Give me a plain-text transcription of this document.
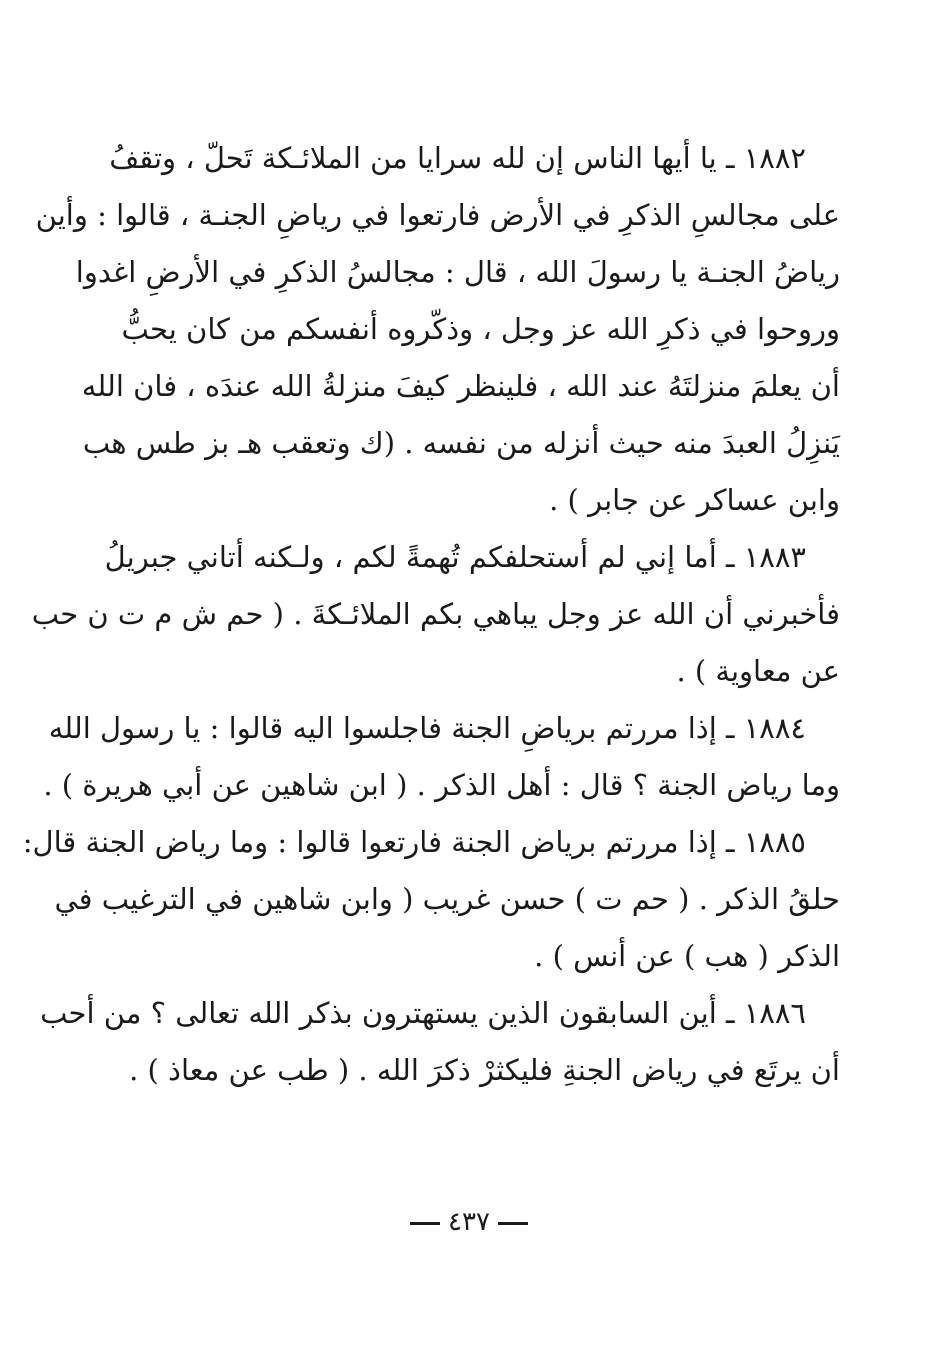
١٨٨٢ ـ يا أيها الناس إن لله سرايا من الملائـكة تَحلّ ، وتقفُ
على مجالسِ الذكرِ في الأرض فارتعوا في رياضِ الجنـة ، قالوا : وأين
رياضُ الجنـة يا رسولَ الله ، قال : مجالسُ الذكرِ في الأرضِ اغدوا
وروحوا في ذكرِ الله عز وجل ، وذكّروه أنفسكم من كان يحبُّ
أن يعلمَ منزلتَهُ عند الله ، فلينظر كيفَ منزلةُ الله عندَه ، فان الله
يَنزِلُ العبدَ منه حيث أنزله من نفسه . (ك وتعقب هـ بز طس هب
وابن عساكر عن جابر ) .
١٨٨٣ ـ أما إني لم أستحلفكم تُهمةً لكم ، ولـكنه أتاني جبريلُ
فأخبرني أن الله عز وجل يباهي بكم الملائـكةَ . ( حم ش م ت ن حب
عن معاوية ) .
١٨٨٤ ـ إذا مررتم برياضِ الجنة فاجلسوا اليه قالوا : يا رسول الله
وما رياض الجنة ؟ قال : أهل الذكر . ( ابن شاهين عن أبي هريرة ) .
١٨٨٥ ـ إذا مررتم برياض الجنة فارتعوا قالوا : وما رياض الجنة قال:
حلقُ الذكر . ( حم ت ) حسن غريب ( وابن شاهين في الترغيب في
الذكر ( هب ) عن أنس ) .
١٨٨٦ ـ أين السابقون الذين يستهترون بذكر الله تعالى ؟ من أحب
أن يرتَع في رياض الجنةِ فليكثرْ ذكرَ الله . ( طب عن معاذ ) .
٤٣٧
